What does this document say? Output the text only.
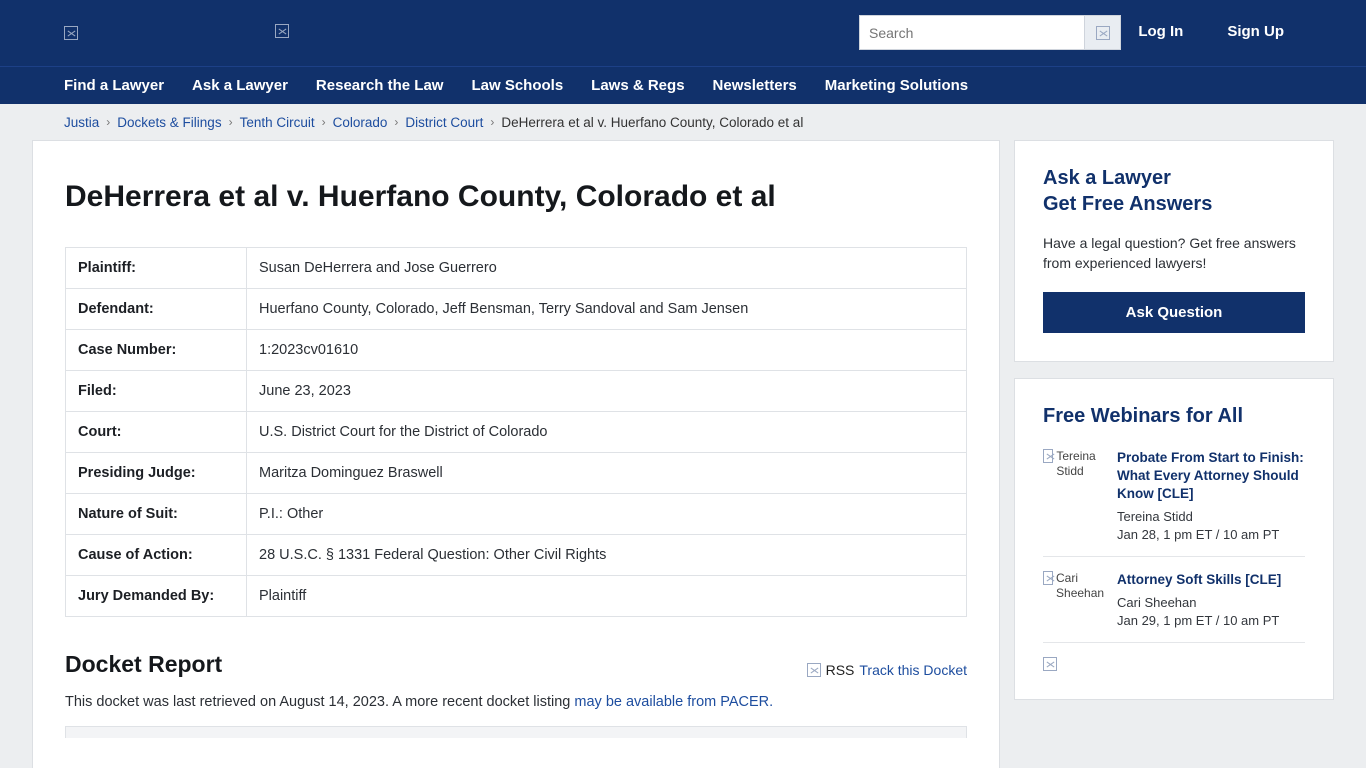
Search
Log In	Sign Up
Find a Lawyer Ask a Lawyer Research the Law Law Schools Laws & Regs Newsletters Marketing Solutions
Justia › Dockets & Filings › Tenth Circuit › Colorado › District Court › DeHerrera et al v. Huerfano County, Colorado et al
DeHerrera et al v. Huerfano County, Colorado et al
Plaintiff:	Susan DeHerrera and Jose Guerrero
Defendant:	Huerfano County, Colorado, Jeff Bensman, Terry Sandoval and Sam Jensen
Case Number:	1:2023cv01610
Filed:	June 23, 2023
Court:	U.S. District Court for the District of Colorado
Presiding Judge:	Maritza Dominguez Braswell
Nature of Suit:	P.I.: Other
Cause of Action:	28 U.S.C. § 1331 Federal Question: Other Civil Rights
Jury Demanded By:	Plaintiff
Docket Report	RSS Track this Docket

This docket was last retrieved on August 14, 2023. A more recent docket listing may be available from PACER.

Ask a Lawyer
Get Free Answers

Have a legal question? Get free answers from experienced lawyers!

Ask Question
Free Webinars for All
Tereina Stidd
Probate From Start to Finish: What Every Attorney Should Know [CLE]
Tereina Stidd
Jan 28, 1 pm ET / 10 am PT
Cari Sheehan
Attorney Soft Skills [CLE]
Cari Sheehan
Jan 29, 1 pm ET / 10 am PT
